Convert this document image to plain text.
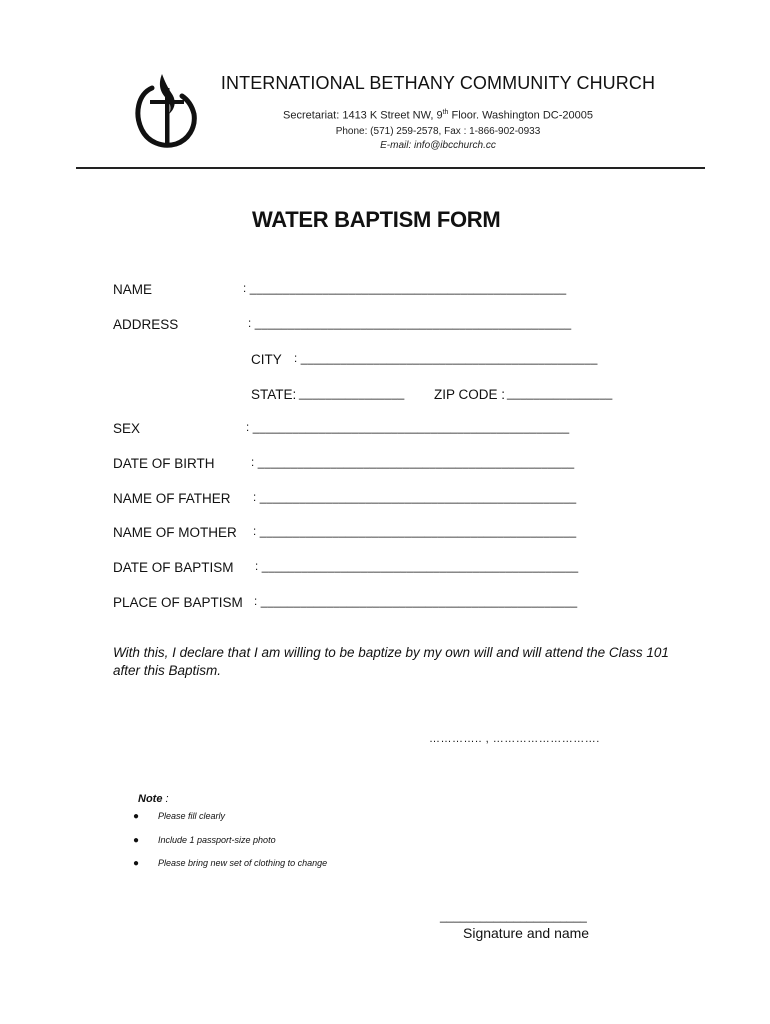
INTERNATIONAL BETHANY COMMUNITY CHURCH
Secretariat: 1413 K Street NW, 9th Floor. Washington DC-20005
Phone: (571) 259-2578, Fax : 1-866-902-0933
E-mail: info@ibcchurch.cc
WATER BAPTISM FORM
NAME	: ________________________________________________
ADDRESS	: ________________________________________________
CITY : _____________________________________________
STATE: ________________ ZIP CODE : ________________
SEX	: ________________________________________________
DATE OF BIRTH	: ________________________________________________
NAME OF FATHER : ________________________________________________
NAME OF MOTHER : ________________________________________________
DATE OF BAPTISM : ________________________________________________
PLACE OF BAPTISM : ________________________________________________
With this, I declare that I am willing to be baptize by my own will and will attend the Class 101 after this Baptism.
………….. , ……………………….
Note :
● Please fill clearly
● Include 1 passport-size photo
● Please bring new set of clothing to change
______________________
Signature and name
